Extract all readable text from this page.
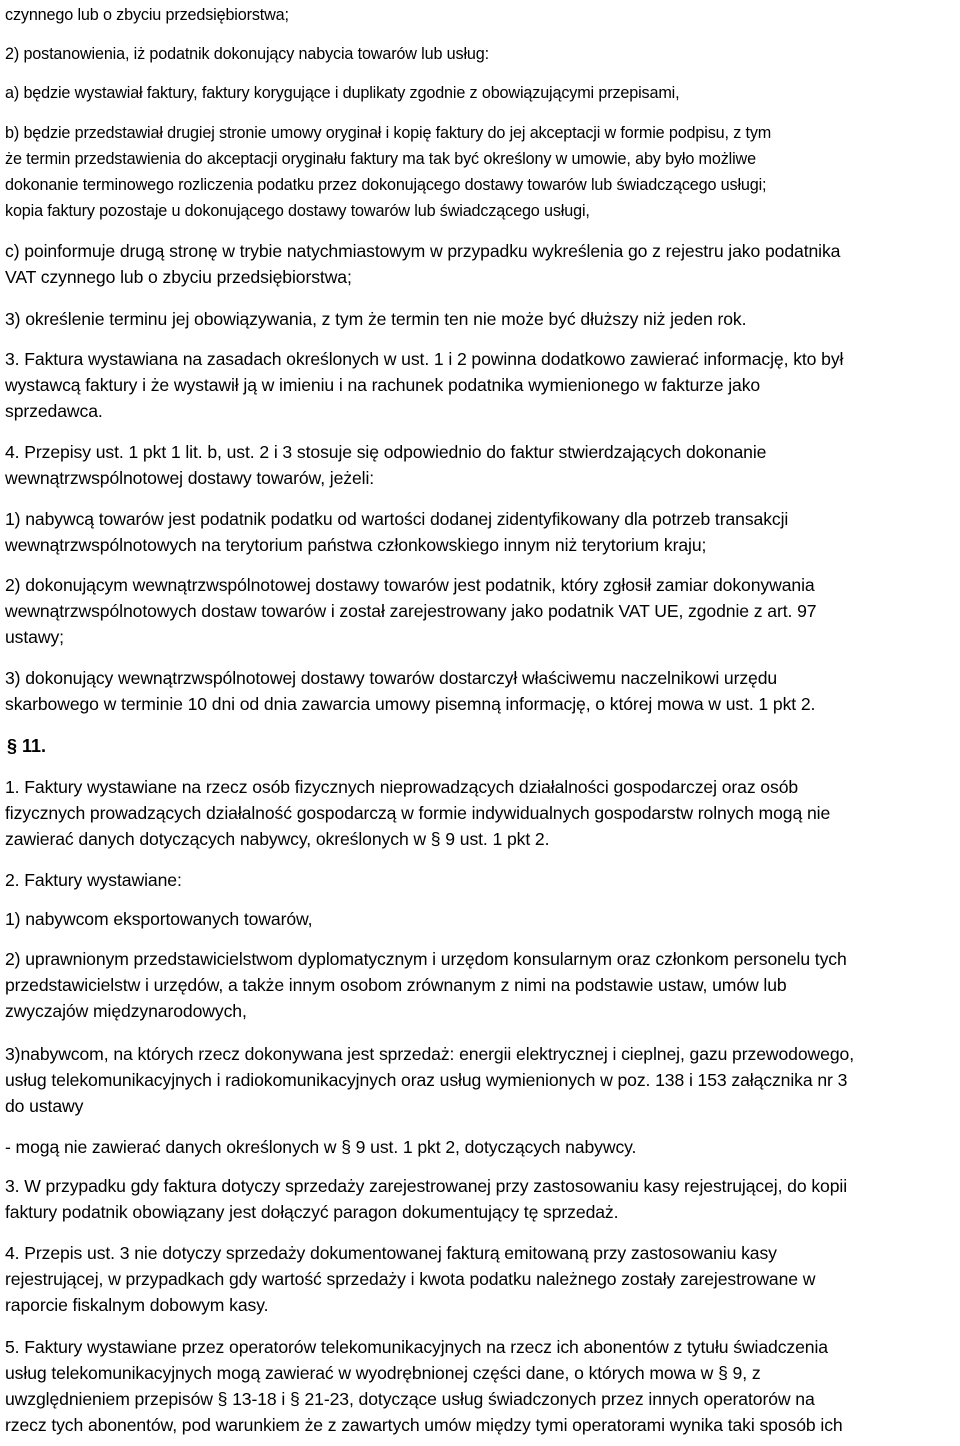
czynnego lub o zbyciu przedsiębiorstwa;
2) postanowienia, iż podatnik dokonujący nabycia towarów lub usług:
a) będzie wystawiał faktury, faktury korygujące i duplikaty zgodnie z obowiązującymi przepisami,
b) będzie przedstawiał drugiej stronie umowy oryginał i kopię faktury do jej akceptacji w formie podpisu, z tym
że termin przedstawienia do akceptacji oryginału faktury ma tak być określony w umowie, aby było możliwe
dokonanie terminowego rozliczenia podatku przez dokonującego dostawy towarów lub świadczącego usługi;
kopia faktury pozostaje u dokonującego dostawy towarów lub świadczącego usługi,
c) poinformuje drugą stronę w trybie natychmiastowym w przypadku wykreślenia go z rejestru jako podatnika
VAT czynnego lub o zbyciu przedsiębiorstwa;
3) określenie terminu jej obowiązywania, z tym że termin ten nie może być dłuższy niż jeden rok.
3. Faktura wystawiana na zasadach określonych w ust. 1 i 2 powinna dodatkowo zawierać informację, kto był
wystawcą faktury i że wystawił ją w imieniu i na rachunek podatnika wymienionego w fakturze jako
sprzedawca.
4. Przepisy ust. 1 pkt 1 lit. b, ust. 2 i 3 stosuje się odpowiednio do faktur stwierdzających dokonanie
wewnątrzwspólnotowej dostawy towarów, jeżeli:
1) nabywcą towarów jest podatnik podatku od wartości dodanej zidentyfikowany dla potrzeb transakcji
wewnątrzwspólnotowych na terytorium państwa członkowskiego innym niż terytorium kraju;
2) dokonującym wewnątrzwspólnotowej dostawy towarów jest podatnik, który zgłosił zamiar dokonywania
wewnątrzwspólnotowych dostaw towarów i został zarejestrowany jako podatnik VAT UE, zgodnie z art. 97
ustawy;
3) dokonujący wewnątrzwspólnotowej dostawy towarów dostarczył właściwemu naczelnikowi urzędu
skarbowego w terminie 10 dni od dnia zawarcia umowy pisemną informację, o której mowa w ust. 1 pkt 2.
§ 11.
1. Faktury wystawiane na rzecz osób fizycznych nieprowadzących działalności gospodarczej oraz osób
fizycznych prowadzących działalność gospodarczą w formie indywidualnych gospodarstw rolnych mogą nie
zawierać danych dotyczących nabywcy, określonych w § 9 ust. 1 pkt 2.
2. Faktury wystawiane:
1) nabywcom eksportowanych towarów,
2) uprawnionym przedstawicielstwom dyplomatycznym i urzędom konsularnym oraz członkom personelu tych
przedstawicielstw i urzędów, a także innym osobom zrównanym z nimi na podstawie ustaw, umów lub
zwyczajów międzynarodowych,
3)nabywcom, na których rzecz dokonywana jest sprzedaż: energii elektrycznej i cieplnej, gazu przewodowego,
usług telekomunikacyjnych i radiokomunikacyjnych oraz usług wymienionych w poz. 138 i 153 załącznika nr 3
do ustawy
- mogą nie zawierać danych określonych w § 9 ust. 1 pkt 2, dotyczących nabywcy.
3. W przypadku gdy faktura dotyczy sprzedaży zarejestrowanej przy zastosowaniu kasy rejestrującej, do kopii
faktury podatnik obowiązany jest dołączyć paragon dokumentujący tę sprzedaż.
4. Przepis ust. 3 nie dotyczy sprzedaży dokumentowanej fakturą emitowaną przy zastosowaniu kasy
rejestrującej, w przypadkach gdy wartość sprzedaży i kwota podatku należnego zostały zarejestrowane w
raporcie fiskalnym dobowym kasy.
5. Faktury wystawiane przez operatorów telekomunikacyjnych na rzecz ich abonentów z tytułu świadczenia
usług telekomunikacyjnych mogą zawierać w wyodrębnionej części dane, o których mowa w § 9, z
uwzględnieniem przepisów § 13-18 i § 21-23, dotyczące usług świadczonych przez innych operatorów na
rzecz tych abonentów, pod warunkiem że z zawartych umów między tymi operatorami wynika taki sposób ich
